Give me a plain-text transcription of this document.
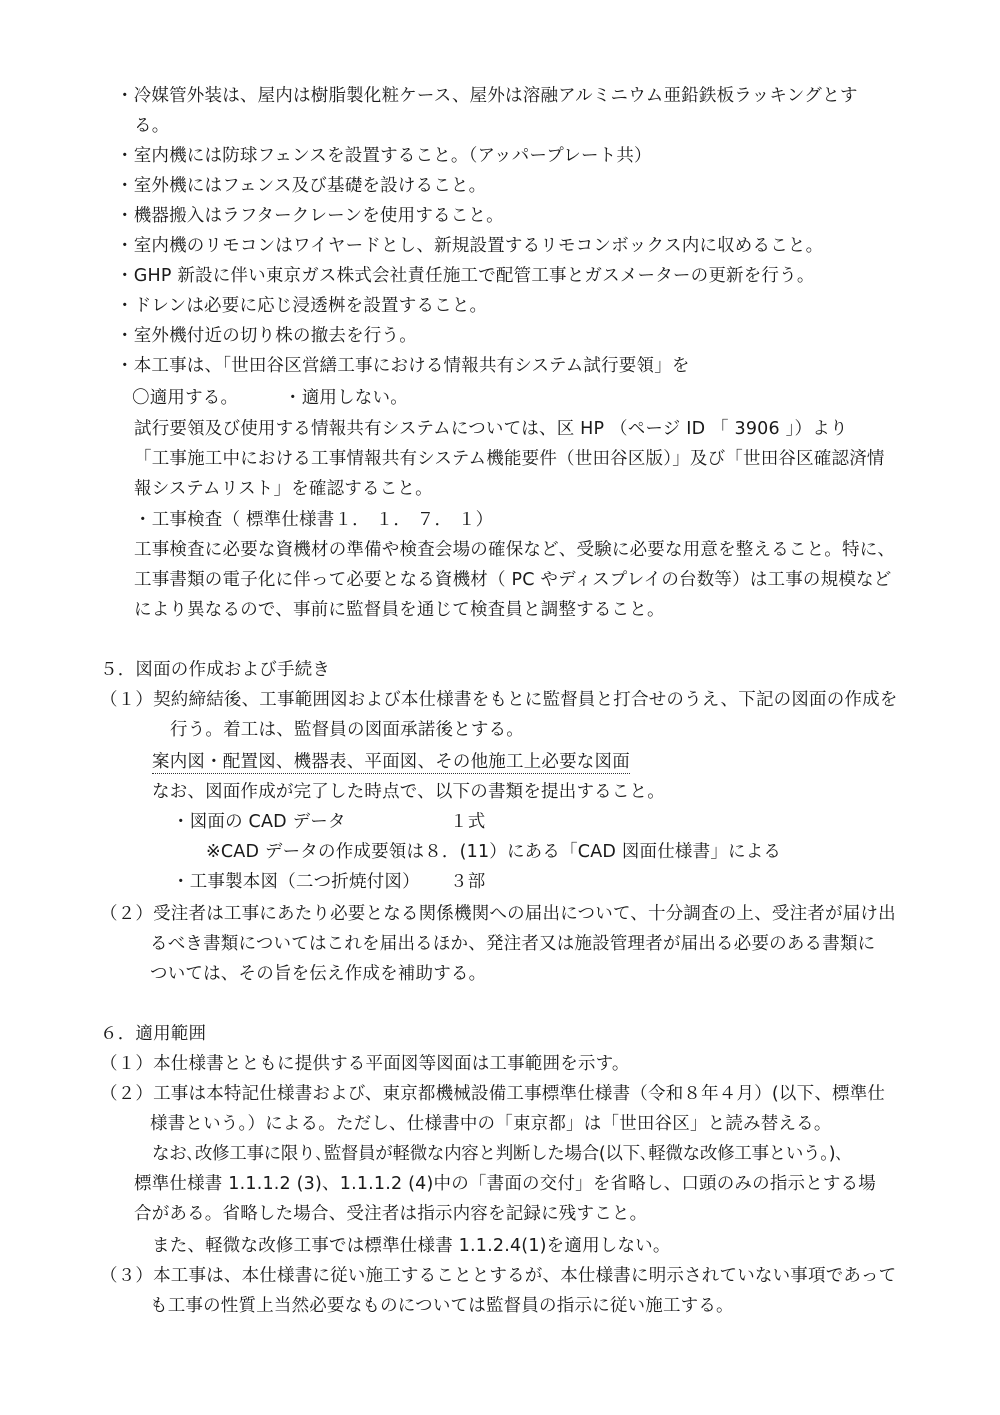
・冷媒管外装は、屋内は樹脂製化粧ケース、屋外は溶融アルミニウム亜鉛鉄板ラッキングとす
る。
・室内機には防球フェンスを設置すること。（アッパープレート共）
・室外機にはフェンス及び基礎を設けること。
・機器搬入はラフタークレーンを使用すること。
・室内機のリモコンはワイヤードとし、新規設置するリモコンボックス内に収めること。
・GHP 新設に伴い東京ガス株式会社責任施工で配管工事とガスメーターの更新を行う。
・ドレンは必要に応じ浸透桝を設置すること。
・室外機付近の切り株の撤去を行う。
・本工事は、「世田谷区営繕工事における情報共有システム試行要領」を
〇適用する。	・適用しない。
試行要領及び使用する情報共有システムについては、区 HP （ページ ID 「 3906 」）より
「工事施工中における工事情報共有システム機能要件（世田谷区版）」及び「世田谷区確認済情
報システムリスト」を確認すること。
・工事検査（ 標準仕様書１． １． ７． １）
工事検査に必要な資機材の準備や検査会場の確保など、受験に必要な用意を整えること。特に、
工事書類の電子化に伴って必要となる資機材（ PC やディスプレイの台数等）は工事の規模など
により異なるので、事前に監督員を通じて検査員と調整すること。
５．図面の作成および手続き
（１）契約締結後、工事範囲図および本仕様書をもとに監督員と打合せのうえ、下記の図面の作成を
行う。着工は、監督員の図面承諾後とする。
案内図・配置図、機器表、平面図、その他施工上必要な図面
なお、図面作成が完了した時点で、以下の書類を提出すること。
・図面の CAD データ	１式
※CAD データの作成要領は８．(11）にある「CAD 図面仕様書」による
・工事製本図（二つ折焼付図） ３部
（２）受注者は工事にあたり必要となる関係機関への届出について、十分調査の上、受注者が届け出
るべき書類についてはこれを届出るほか、発注者又は施設管理者が届出る必要のある書類に
ついては、その旨を伝え作成を補助する。
６．適用範囲
（１）本仕様書とともに提供する平面図等図面は工事範囲を示す。
（２）工事は本特記仕様書および、東京都機械設備工事標準仕様書（令和８年４月）(以下、標準仕
様書という。）による。ただし、仕様書中の「東京都」は「世田谷区」と読み替える。
なお､改修工事に限り､監督員が軽微な内容と判断した場合(以下､軽微な改修工事という｡)､
標準仕様書 1.1.1.2 (3)、1.1.1.2 (4)中の「書面の交付」を省略し、口頭のみの指示とする場
合がある。省略した場合、受注者は指示内容を記録に残すこと。
また、軽微な改修工事では標準仕様書 1.1.2.4(1)を適用しない。
（３）本工事は、本仕様書に従い施工することとするが、本仕様書に明示されていない事項であって
も工事の性質上当然必要なものについては監督員の指示に従い施工する。
